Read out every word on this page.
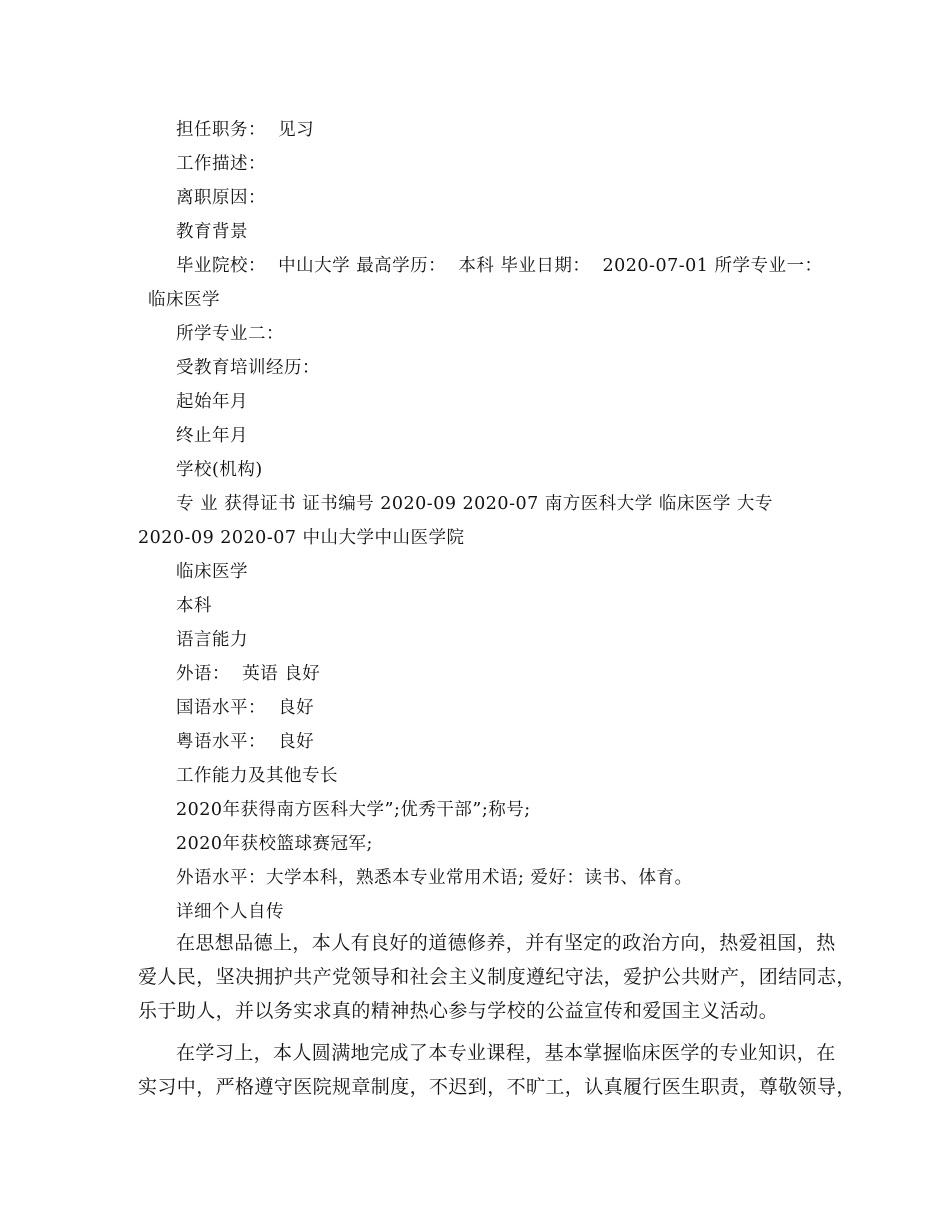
担任职务：  见习
工作描述：
离职原因：
教育背景
毕业院校：  中山大学 最高学历：  本科 毕业日期：  2020-07-01 所学专业一：
临床医学
所学专业二：
受教育培训经历：
起始年月
终止年月
学校(机构)
专 业 获得证书 证书编号 2020-09 2020-07 南方医科大学 临床医学 大专
2020-09 2020-07 中山大学中山医学院
临床医学
本科
语言能力
外语：  英语 良好
国语水平：  良好
粤语水平：  良好
工作能力及其他专长
2020年获得南方医科大学”;优秀干部”;称号;
2020年获校篮球赛冠军;
外语水平：大学本科，熟悉本专业常用术语; 爱好：读书、体育。
详细个人自传
在思想品德上，本人有良好的道德修养，并有坚定的政治方向，热爱祖国，热
爱人民，坚决拥护共产党领导和社会主义制度遵纪守法，爱护公共财产，团结同志，
乐于助人，并以务实求真的精神热心参与学校的公益宣传和爱国主义活动。
在学习上，本人圆满地完成了本专业课程，基本掌握临床医学的专业知识，在
实习中，严格遵守医院规章制度，不迟到，不旷工，认真履行医生职责，尊敬领导，
